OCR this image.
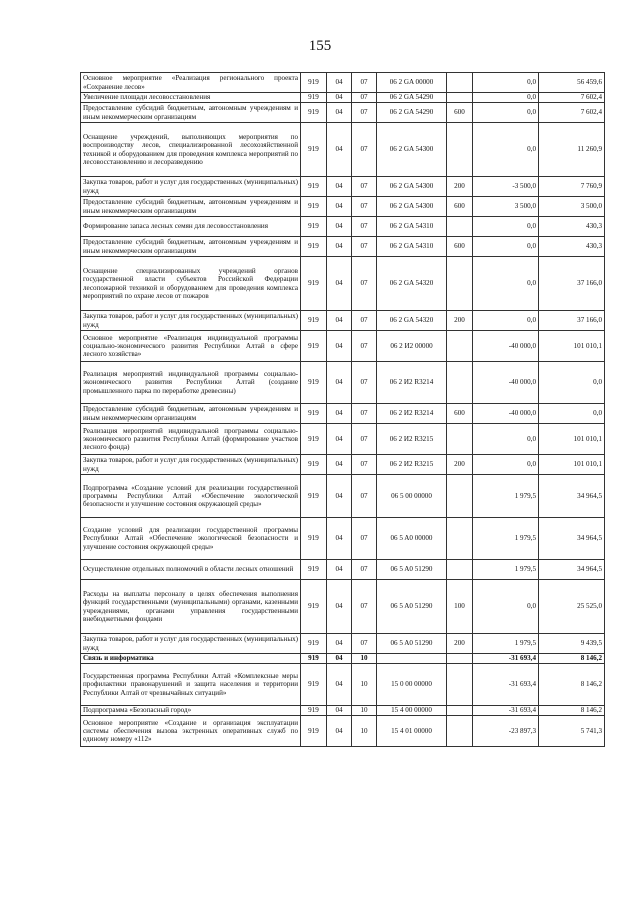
155
Основное мероприятие «Реализация регионального проекта «Сохранение лесов»	919	04	07	06 2 GA 00000		0,0	56 459,6
Увеличение площади лесовосстановления	919	04	07	06 2 GA 54290		0,0	7 602,4
Предоставление субсидий бюджетным, автономным учреждениям и иным некоммерческим организациям	919	04	07	06 2 GA 54290	600	0,0	7 602,4
Оснащение учреждений, выполняющих мероприятия по воспроизводству лесов, специализированной лесохозяйственной техникой и оборудованием для проведения комплекса мероприятий по лесовосстановлению и лесоразведению	919	04	07	06 2 GA 54300		0,0	11 260,9
Закупка товаров, работ и услуг для государственных (муниципальных) нужд	919	04	07	06 2 GA 54300	200	-3 500,0	7 760,9
Предоставление субсидий бюджетным, автономным учреждениям и иным некоммерческим организациям	919	04	07	06 2 GA 54300	600	3 500,0	3 500,0
Формирование запаса лесных семян для лесовосстановления	919	04	07	06 2 GA 54310		0,0	430,3
Предоставление субсидий бюджетным, автономным учреждениям и иным некоммерческим организациям	919	04	07	06 2 GA 54310	600	0,0	430,3
Оснащение специализированных учреждений органов государственной власти субъектов Российской Федерации лесопожарной техникой и оборудованием для проведения комплекса мероприятий по охране лесов от пожаров	919	04	07	06 2 GA 54320		0,0	37 166,0
Закупка товаров, работ и услуг для государственных (муниципальных) нужд	919	04	07	06 2 GA 54320	200	0,0	37 166,0
Основное мероприятие «Реализация индивидуальной программы социально-экономического развития Республики Алтай в сфере лесного хозяйства»	919	04	07	06 2 И2 00000		-40 000,0	101 010,1
Реализация мероприятий индивидуальной программы социально-экономического развития Республики Алтай (создание промышленного парка по переработке древесины)	919	04	07	06 2 И2 R3214		-40 000,0	0,0
Предоставление субсидий бюджетным, автономным учреждениям и иным некоммерческим организациям	919	04	07	06 2 И2 R3214	600	-40 000,0	0,0
Реализация мероприятий индивидуальной программы социально-экономического развития Республики Алтай (формирование участков лесного фонда)	919	04	07	06 2 И2 R3215		0,0	101 010,1
Закупка товаров, работ и услуг для государственных (муниципальных) нужд	919	04	07	06 2 И2 R3215	200	0,0	101 010,1
Подпрограмма «Создание условий для реализации государственной программы Республики Алтай «Обеспечение экологической безопасности и улучшение состояния окружающей среды»	919	04	07	06 5 00 00000		1 979,5	34 964,5
Создание условий для реализации государственной программы Республики Алтай «Обеспечение экологической безопасности и улучшение состояния окружающей среды»	919	04	07	06 5 A0 00000		1 979,5	34 964,5
Осуществление отдельных полномочий в области лесных отношений	919	04	07	06 5 A0 51290		1 979,5	34 964,5
Расходы на выплаты персоналу в целях обеспечения выполнения функций государственными (муниципальными) органами, казенными учреждениями, органами управления государственными внебюджетными фондами	919	04	07	06 5 A0 51290	100	0,0	25 525,0
Закупка товаров, работ и услуг для государственных (муниципальных) нужд	919	04	07	06 5 A0 51290	200	1 979,5	9 439,5
Связь и информатика	919	04	10			-31 693,4	8 146,2
Государственная программа Республики Алтай «Комплексные меры профилактики правонарушений и защита населения и территории Республики Алтай от чрезвычайных ситуаций»	919	04	10	15 0 00 00000		-31 693,4	8 146,2
Подпрограмма «Безопасный город»	919	04	10	15 4 00 00000		-31 693,4	8 146,2
Основное мероприятие «Создание и организация эксплуатации системы обеспечения вызова экстренных оперативных служб по единому номеру «112»	919	04	10	15 4 01 00000		-23 897,3	5 741,3
